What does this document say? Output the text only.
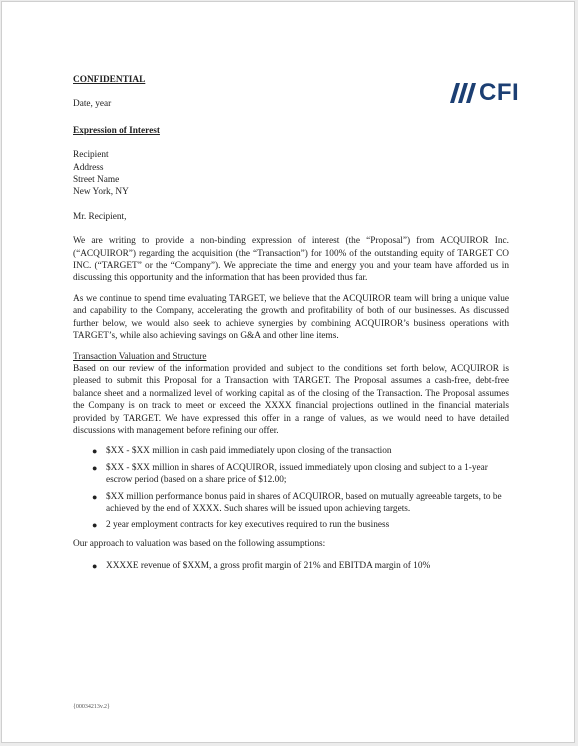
CFI
CONFIDENTIAL
Date, year
Expression of Interest
Recipient
Address
Street Name
New York, NY
Mr. Recipient,
We are writing to provide a non-binding expression of interest (the “Proposal”) from ACQUIROR Inc. (“ACQUIROR”) regarding the acquisition (the “Transaction”) for 100% of the outstanding equity of TARGET CO INC. (“TARGET” or the “Company”). We appreciate the time and energy you and your team have afforded us in discussing this opportunity and the information that has been provided thus far.
As we continue to spend time evaluating TARGET, we believe that the ACQUIROR team will bring a unique value and capability to the Company, accelerating the growth and profitability of both of our businesses. As discussed further below, we would also seek to achieve synergies by combining ACQUIROR’s business operations with TARGET’s, while also achieving savings on G&A and other line items.
Transaction Valuation and Structure
Based on our review of the information provided and subject to the conditions set forth below, ACQUIROR is pleased to submit this Proposal for a Transaction with TARGET. The Proposal assumes a cash-free, debt-free balance sheet and a normalized level of working capital as of the closing of the Transaction. The Proposal assumes the Company is on track to meet or exceed the XXXX financial projections outlined in the financial materials provided by TARGET. We have expressed this offer in a range of values, as we would need to have detailed discussions with management before refining our offer.
● $XX - $XX million in cash paid immediately upon closing of the transaction
● $XX - $XX million in shares of ACQUIROR, issued immediately upon closing and subject to a 1-year escrow period (based on a share price of $12.00;
● $XX million performance bonus paid in shares of ACQUIROR, based on mutually agreeable targets, to be achieved by the end of XXXX. Such shares will be issued upon achieving targets.
● 2 year employment contracts for key executives required to run the business
Our approach to valuation was based on the following assumptions:
● XXXXE revenue of $XXM, a gross profit margin of 21% and EBITDA margin of 10%
{00034213v.2}
